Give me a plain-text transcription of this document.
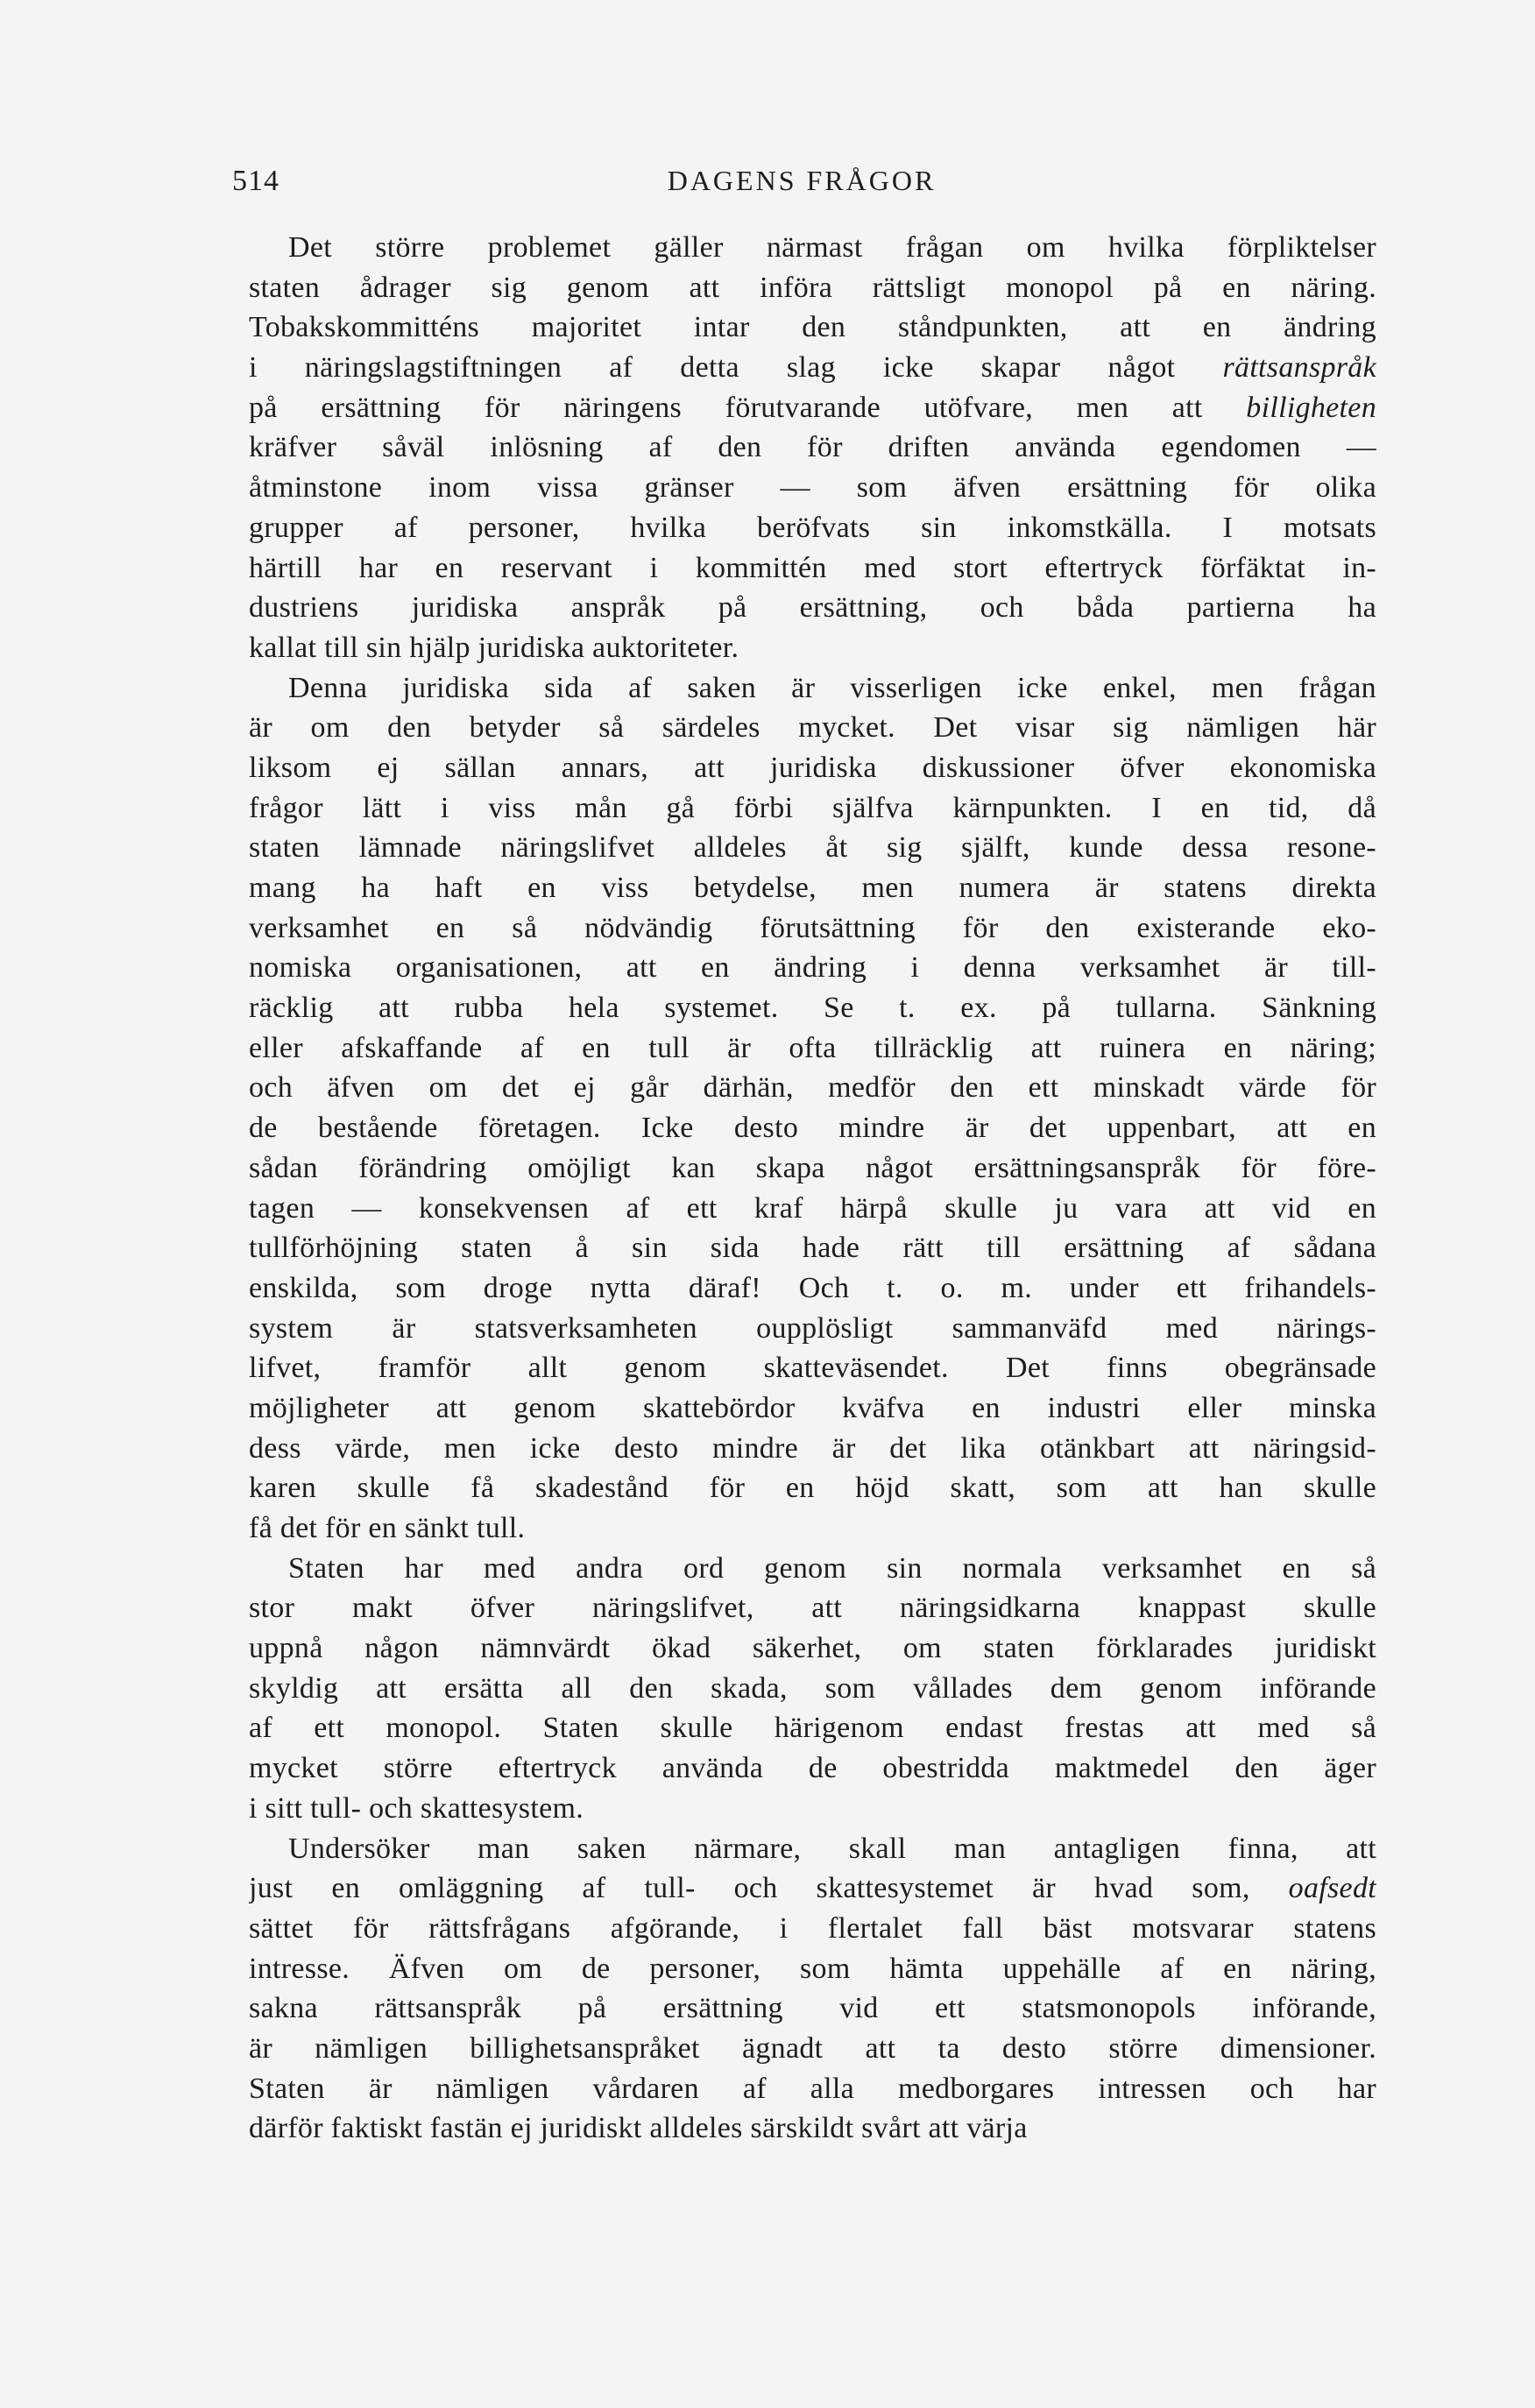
514	DAGENS FRÅGOR
Det större problemet gäller närmast frågan om hvilka förpliktelser
staten ådrager sig genom att införa rättsligt monopol på en näring.
Tobakskommitténs majoritet intar den ståndpunkten, att en ändring
i näringslagstiftningen af detta slag icke skapar något rättsanspråk
på ersättning för näringens förutvarande utöfvare, men att billigheten
kräfver såväl inlösning af den för driften använda egendomen —
åtminstone inom vissa gränser — som äfven ersättning för olika
grupper af personer, hvilka beröfvats sin inkomstkälla. I motsats
härtill har en reservant i kommittén med stort eftertryck förfäktat in-
dustriens juridiska anspråk på ersättning, och båda partierna ha
kallat till sin hjälp juridiska auktoriteter.
Denna juridiska sida af saken är visserligen icke enkel, men frågan
är om den betyder så särdeles mycket. Det visar sig nämligen här
liksom ej sällan annars, att juridiska diskussioner öfver ekonomiska
frågor lätt i viss mån gå förbi själfva kärnpunkten. I en tid, då
staten lämnade näringslifvet alldeles åt sig själft, kunde dessa resone-
mang ha haft en viss betydelse, men numera är statens direkta
verksamhet en så nödvändig förutsättning för den existerande eko-
nomiska organisationen, att en ändring i denna verksamhet är till-
räcklig att rubba hela systemet. Se t. ex. på tullarna. Sänkning
eller afskaffande af en tull är ofta tillräcklig att ruinera en näring;
och äfven om det ej går därhän, medför den ett minskadt värde för
de bestående företagen. Icke desto mindre är det uppenbart, att en
sådan förändring omöjligt kan skapa något ersättningsanspråk för före-
tagen — konsekvensen af ett kraf härpå skulle ju vara att vid en
tullförhöjning staten å sin sida hade rätt till ersättning af sådana
enskilda, som droge nytta däraf! Och t. o. m. under ett frihandels-
system är statsverksamheten oupplösligt sammanväfd med närings-
lifvet, framför allt genom skatteväsendet. Det finns obegränsade
möjligheter att genom skattebördor kväfva en industri eller minska
dess värde, men icke desto mindre är det lika otänkbart att näringsid-
karen skulle få skadestånd för en höjd skatt, som att han skulle
få det för en sänkt tull.
Staten har med andra ord genom sin normala verksamhet en så
stor makt öfver näringslifvet, att näringsidkarna knappast skulle
uppnå någon nämnvärdt ökad säkerhet, om staten förklarades juridiskt
skyldig att ersätta all den skada, som vållades dem genom införande
af ett monopol. Staten skulle härigenom endast frestas att med så
mycket större eftertryck använda de obestridda maktmedel den äger
i sitt tull- och skattesystem.
Undersöker man saken närmare, skall man antagligen finna, att
just en omläggning af tull- och skattesystemet är hvad som, oafsedt
sättet för rättsfrågans afgörande, i flertalet fall bäst motsvarar statens
intresse. Äfven om de personer, som hämta uppehälle af en näring,
sakna rättsanspråk på ersättning vid ett statsmonopols införande,
är nämligen billighetsanspråket ägnadt att ta desto större dimensioner.
Staten är nämligen vårdaren af alla medborgares intressen och har
därför faktiskt fastän ej juridiskt alldeles särskildt svårt att värja
